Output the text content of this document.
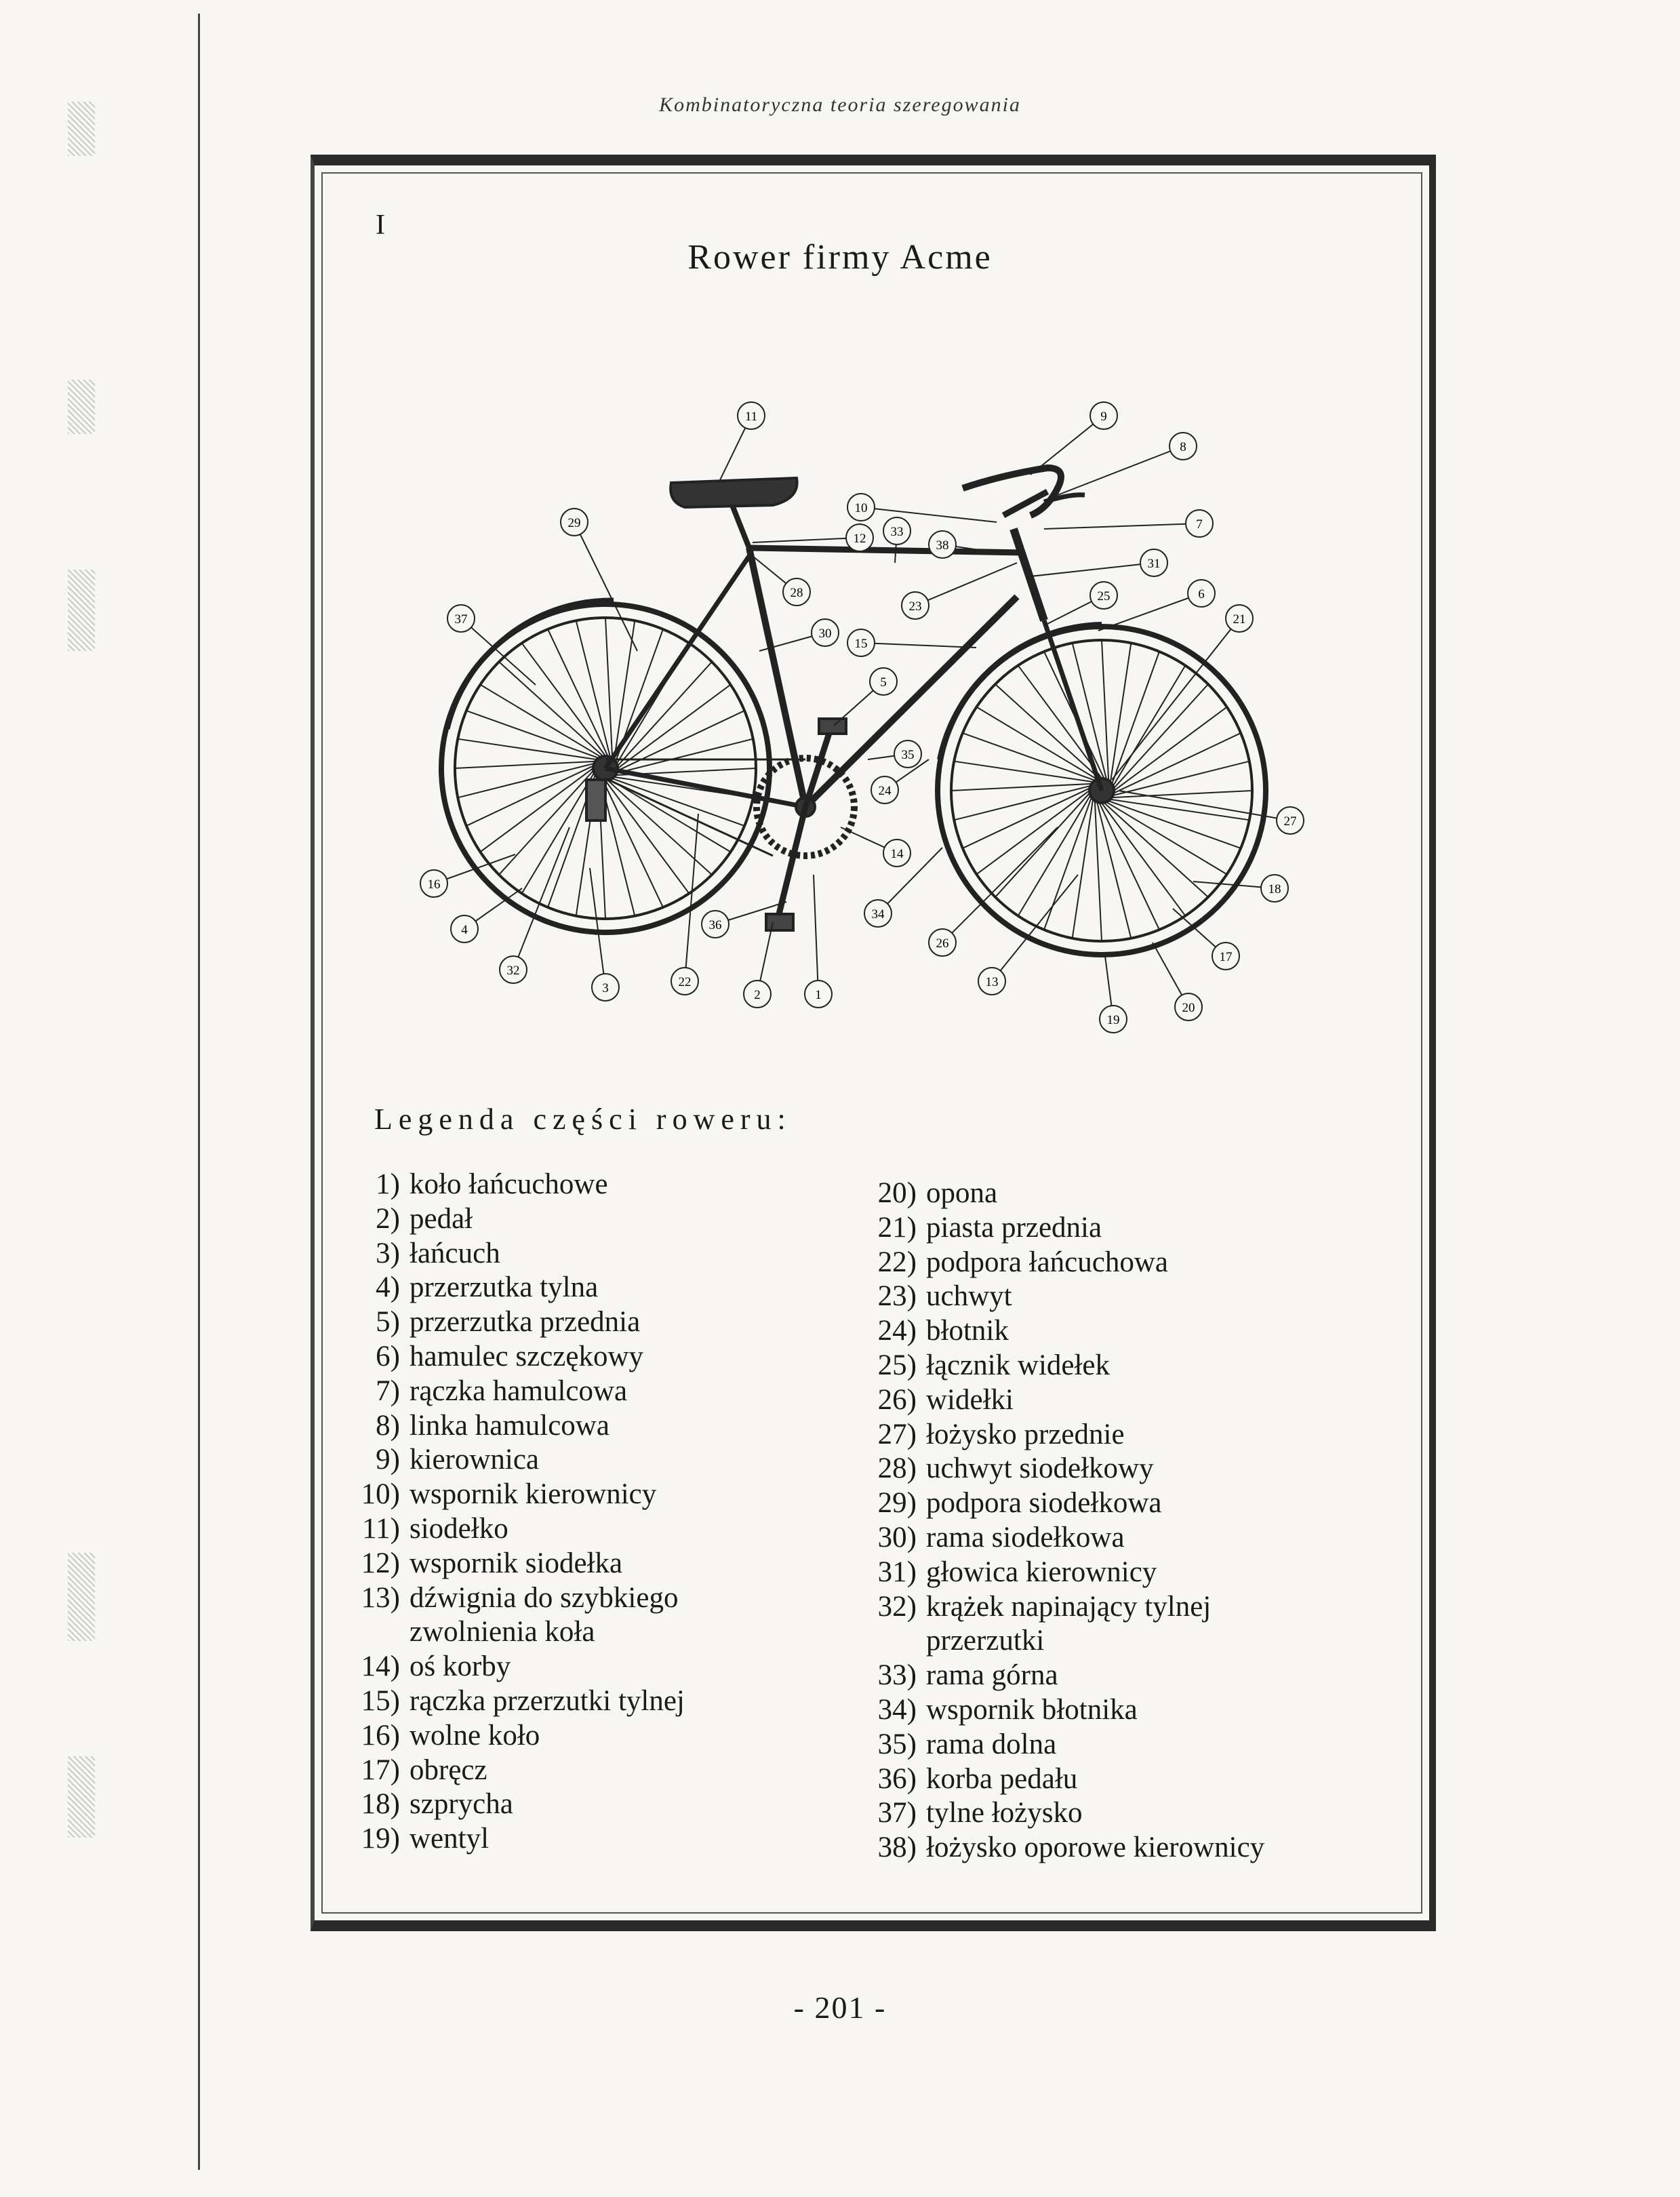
Kombinatoryczna teoria szeregowania
I
Rower firmy Acme
1
2
3
4
5
6
7
8
9
10
11
12
13
14
15
16
17
18
19
20
21
22
23
24
25
26
27
28
29
30
31
32
33
34
35
36
37
38
Legenda części roweru:
1) koło łańcuchowe
2) pedał
3) łańcuch
4) przerzutka tylna
5) przerzutka przednia
6) hamulec szczękowy
7) rączka hamulcowa
8) linka hamulcowa
9) kierownica
10) wspornik kierownicy
11) siodełko
12) wspornik siodełka
13) dźwignia do szybkiego zwolnienia koła
14) oś korby
15) rączka przerzutki tylnej
16) wolne koło
17) obręcz
18) szprycha
19) wentyl
20) opona
21) piasta przednia
22) podpora łańcuchowa
23) uchwyt
24) błotnik
25) łącznik widełek
26) widełki
27) łożysko przednie
28) uchwyt siodełkowy
29) podpora siodełkowa
30) rama siodełkowa
31) głowica kierownicy
32) krążek napinający tylnej przerzutki
33) rama górna
34) wspornik błotnika
35) rama dolna
36) korba pedału
37) tylne łożysko
38) łożysko oporowe kierownicy
- 201 -
